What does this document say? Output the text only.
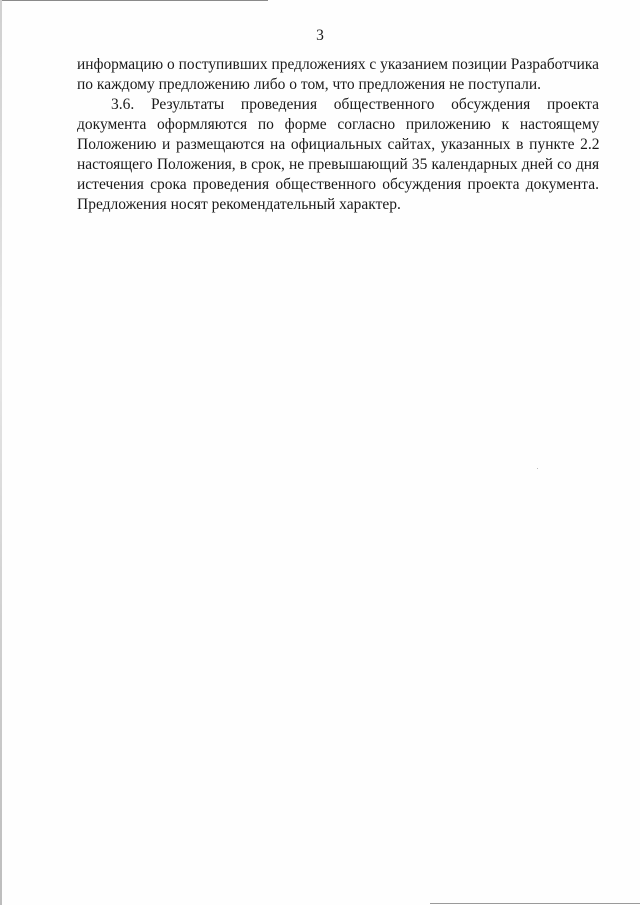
3

информацию о поступивших предложениях с указанием позиции Разработчика
по каждому предложению либо о том, что предложения не поступали.

3.6. Результаты проведения общественного обсуждения проекта
документа оформляются по форме согласно приложению к настоящему
Положению и размещаются на официальных сайтах, указанных в пункте 2.2
настоящего Положения, в срок, не превышающий 35 календарных дней со дня
истечения срока проведения общественного обсуждения проекта документа.
Предложения носят рекомендательный характер.
